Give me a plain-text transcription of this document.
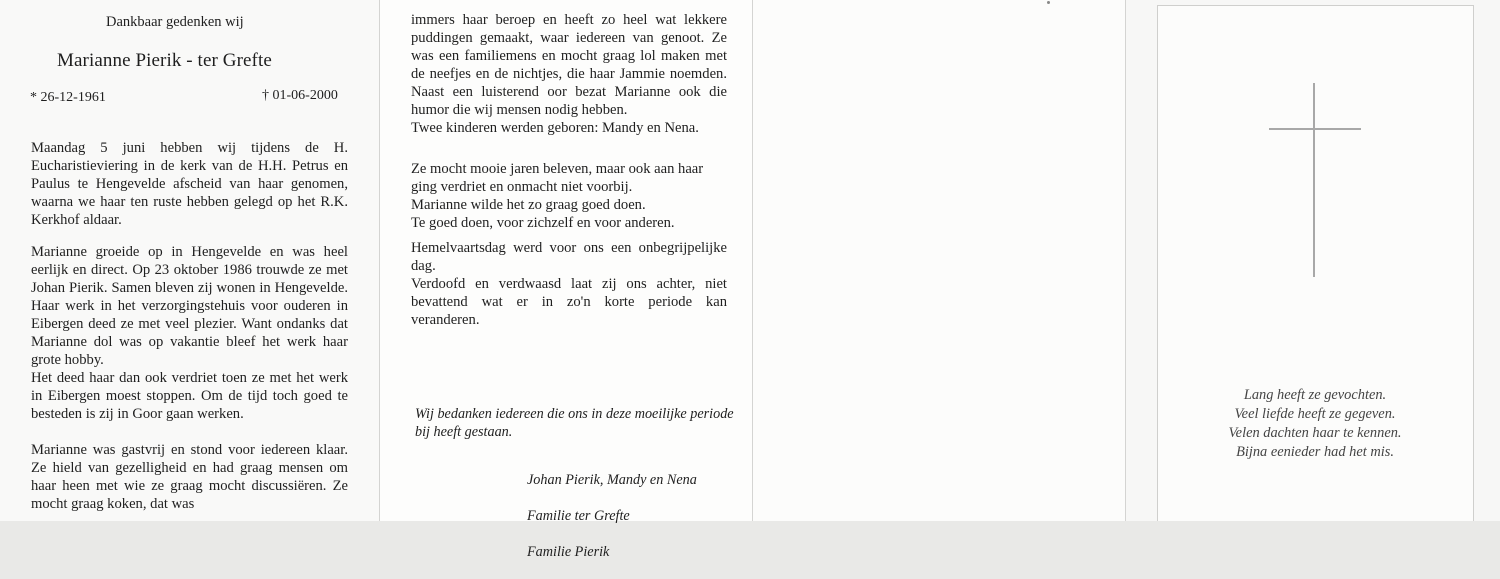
Dankbaar gedenken wij
Marianne Pierik - ter Grefte
* 26-12-1961	† 01-06-2000

Maandag 5 juni hebben wij tijdens de H. Eucharistieviering in de kerk van de H.H. Petrus en Paulus te Hengevelde afscheid van haar genomen, waarna we haar ten ruste hebben gelegd op het R.K. Kerkhof aldaar.

Marianne groeide op in Hengevelde en was heel eerlijk en direct. Op 23 oktober 1986 trouwde ze met Johan Pierik. Samen bleven zij wonen in Hengevelde. Haar werk in het verzorgingstehuis voor ouderen in Eibergen deed ze met veel plezier. Want ondanks dat Marianne dol was op vakantie bleef het werk haar grote hobby.
Het deed haar dan ook verdriet toen ze met het werk in Eibergen moest stoppen. Om de tijd toch goed te besteden is zij in Goor gaan werken.

Marianne was gastvrij en stond voor iedereen klaar. Ze hield van gezelligheid en had graag mensen om haar heen met wie ze graag mocht discussiëren. Ze mocht graag koken, dat was

immers haar beroep en heeft zo heel wat lekkere puddingen gemaakt, waar iedereen van genoot. Ze was een familiemens en mocht graag lol maken met de neefjes en de nichtjes, die haar Jammie noemden. Naast een luisterend oor bezat Marianne ook die humor die wij mensen nodig hebben.
Twee kinderen werden geboren: Mandy en Nena.

Ze mocht mooie jaren beleven, maar ook aan haar ging verdriet en onmacht niet voorbij.
Marianne wilde het zo graag goed doen.
Te goed doen, voor zichzelf en voor anderen.

Hemelvaartsdag werd voor ons een onbegrijpelijke dag.
Verdoofd en verdwaasd laat zij ons achter, niet bevattend wat er in zo'n korte periode kan veranderen.

Wij bedanken iedereen die ons in deze moeilijke periode bij heeft gestaan.

Johan Pierik, Mandy en Nena

Familie ter Grefte

Familie Pierik

Lang heeft ze gevochten.
Veel liefde heeft ze gegeven.
Velen dachten haar te kennen.
Bijna eenieder had het mis.
